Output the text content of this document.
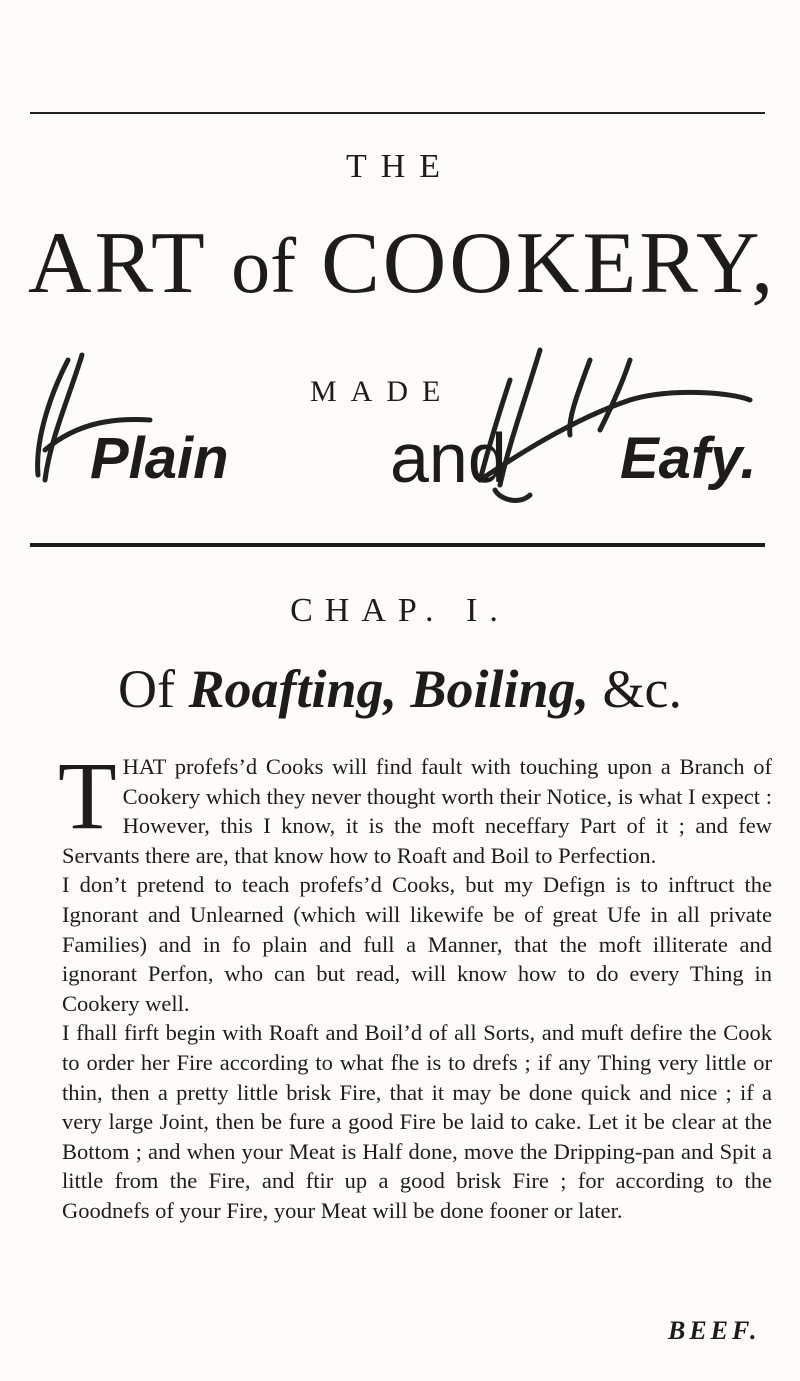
THE
ART of COOKERY,
MADE
Plain and Eafy.
CHAP. I.
Of Roafting, Boiling, &c.

THAT profefs’d Cooks will find fault with touching upon a Branch of Cookery which they never thought worth their Notice, is what I expect : However, this I know, it is the moft neceffary Part of it ; and few Servants there are, that know how to Roaft and Boil to Perfection.

I don’t pretend to teach profefs’d Cooks, but my Defign is to inftruct the Ignorant and Unlearned (which will likewife be of great Ufe in all private Families) and in fo plain and full a Manner, that the moft illiterate and ignorant Perfon, who can but read, will know how to do every Thing in Cookery well.

I fhall firft begin with Roaft and Boil’d of all Sorts, and muft defire the Cook to order her Fire according to what fhe is to drefs ; if any Thing very little or thin, then a pretty little brisk Fire, that it may be done quick and nice ; if a very large Joint, then be fure a good Fire be laid to cake. Let it be clear at the Bottom ; and when your Meat is Half done, move the Dripping-pan and Spit a little from the Fire, and ftir up a good brisk Fire ; for according to the Goodnefs of your Fire, your Meat will be done fooner or later.

BEEF.
